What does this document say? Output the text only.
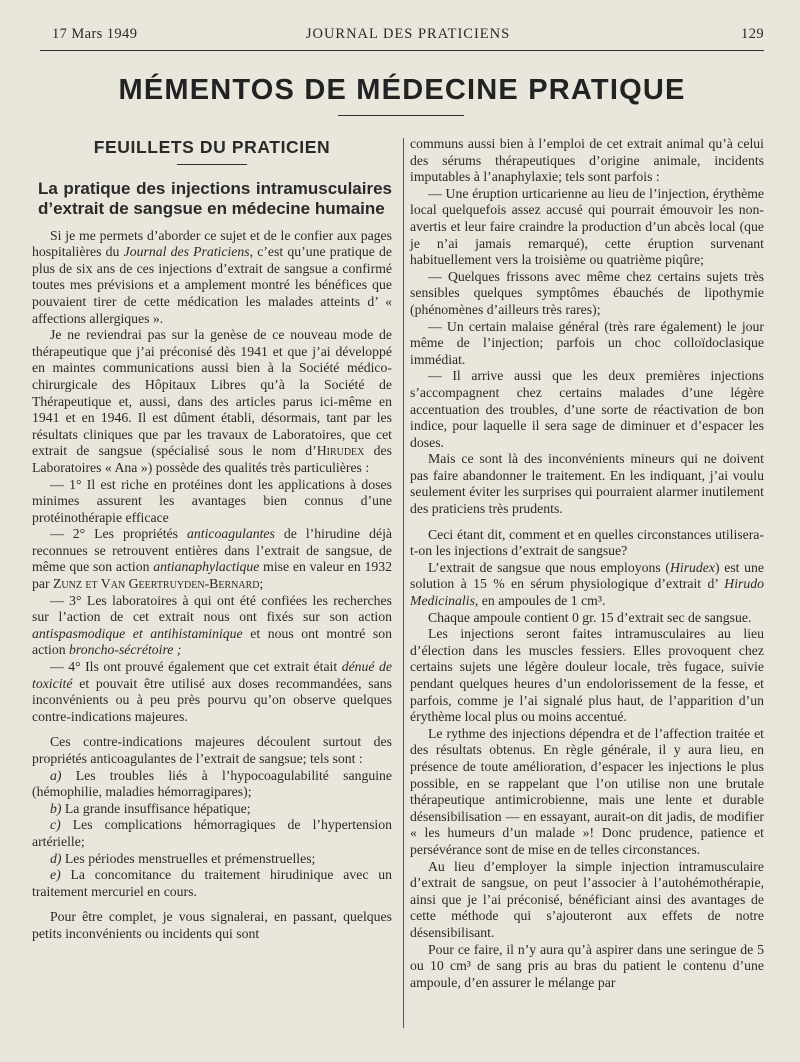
17 Mars 1949	JOURNAL DES PRATICIENS	129
MÉMENTOS DE MÉDECINE PRATIQUE
FEUILLETS DU PRATICIEN
La pratique des injections intramusculaires d’extrait de sangsue en médecine humaine

Si je me permets d’aborder ce sujet et de le confier aux pages hospitalières du Journal des Praticiens, c’est qu’une pratique de plus de six ans de ces injections d’extrait de sangsue a confirmé toutes mes prévisions et a amplement montré les bénéfices que pouvaient tirer de cette médication les malades atteints d’ « affections allergiques ».

Je ne reviendrai pas sur la genèse de ce nouveau mode de thérapeutique que j’ai préconisé dès 1941 et que j’ai développé en maintes communications aussi bien à la Société médico-chirurgicale des Hôpitaux Libres qu’à la Société de Thérapeutique et, aussi, dans des articles parus ici-même en 1941 et en 1946. Il est dûment établi, désormais, tant par les résultats cliniques que par les travaux de Laboratoires, que cet extrait de sangsue (spécialisé sous le nom d’Hirudex des Laboratoires « Ana ») possède des qualités très particulières :

— 1° Il est riche en protéines dont les applications à doses minimes assurent les avantages bien connus d’une protéinothérapie efficace

— 2° Les propriétés anticoagulantes de l’hirudine déjà reconnues se retrouvent entières dans l’extrait de sangsue, de même que son action antianaphylactique mise en valeur en 1932 par Zunz et Van Geertruyden-Bernard;

— 3° Les laboratoires à qui ont été confiées les recherches sur l’action de cet extrait nous ont fixés sur son action antispasmodique et antihistaminique et nous ont montré son action broncho-sécrétoire ;

— 4° Ils ont prouvé également que cet extrait était dénué de toxicité et pouvait être utilisé aux doses recommandées, sans inconvénients ou à peu près pourvu qu’on observe quelques contre-indications majeures.

Ces contre-indications majeures découlent surtout des propriétés anticoagulantes de l’extrait de sangsue; tels sont :

a) Les troubles liés à l’hypocoagulabilité sanguine (hémophilie, maladies hémorragipares);

b) La grande insuffisance hépatique;

c) Les complications hémorragiques de l’hypertension artérielle;

d) Les périodes menstruelles et prémenstruelles;

e) La concomitance du traitement hirudinique avec un traitement mercuriel en cours.

Pour être complet, je vous signalerai, en passant, quelques petits inconvénients ou incidents qui sont

communs aussi bien à l’emploi de cet extrait animal qu’à celui des sérums thérapeutiques d’origine animale, incidents imputables à l’anaphylaxie; tels sont parfois :

— Une éruption urticarienne au lieu de l’injection, érythème local quelquefois assez accusé qui pourrait émouvoir les non-avertis et leur faire craindre la production d’un abcès local (que je n’ai jamais remarqué), cette éruption survenant habituellement vers la troisième ou quatrième piqûre;

— Quelques frissons avec même chez certains sujets très sensibles quelques symptômes ébauchés de lipothymie (phénomènes d’ailleurs très rares);

— Un certain malaise général (très rare également) le jour même de l’injection; parfois un choc colloïdoclasique immédiat.

— Il arrive aussi que les deux premières injections s’accompagnent chez certains malades d’une légère accentuation des troubles, d’une sorte de réactivation de bon indice, pour laquelle il sera sage de diminuer et d’espacer les doses.

Mais ce sont là des inconvénients mineurs qui ne doivent pas faire abandonner le traitement. En les indiquant, j’ai voulu seulement éviter les surprises qui pourraient alarmer inutilement des praticiens très prudents.

Ceci étant dit, comment et en quelles circonstances utilisera-t-on les injections d’extrait de sangsue?

L’extrait de sangsue que nous employons (Hirudex) est une solution à 15 % en sérum physiologique d’extrait d’ Hirudo Medicinalis, en ampoules de 1 cm³.

Chaque ampoule contient 0 gr. 15 d’extrait sec de sangsue.

Les injections seront faites intramusculaires au lieu d’élection dans les muscles fessiers. Elles provoquent chez certains sujets une légère douleur locale, très fugace, suivie pendant quelques heures d’un endolorissement de la fesse, et parfois, comme je l’ai signalé plus haut, de l’apparition d’un érythème local plus ou moins accentué.

Le rythme des injections dépendra et de l’affection traitée et des résultats obtenus. En règle générale, il y aura lieu, en présence de toute amélioration, d’espacer les injections le plus possible, en se rappelant que l’on utilise non une brutale thérapeutique antimicrobienne, mais une lente et durable désensibilisation — en essayant, aurait-on dit jadis, de modifier « les humeurs d’un malade »! Donc prudence, patience et persévérance sont de mise en de telles circonstances.

Au lieu d’employer la simple injection intramusculaire d’extrait de sangsue, on peut l’associer à l’autohémothérapie, ainsi que je l’ai préconisé, bénéficiant ainsi des avantages de cette méthode qui s’ajouteront aux effets de notre désensibilisant.

Pour ce faire, il n’y aura qu’à aspirer dans une seringue de 5 ou 10 cm³ de sang pris au bras du patient le contenu d’une ampoule, d’en assurer le mélange par
